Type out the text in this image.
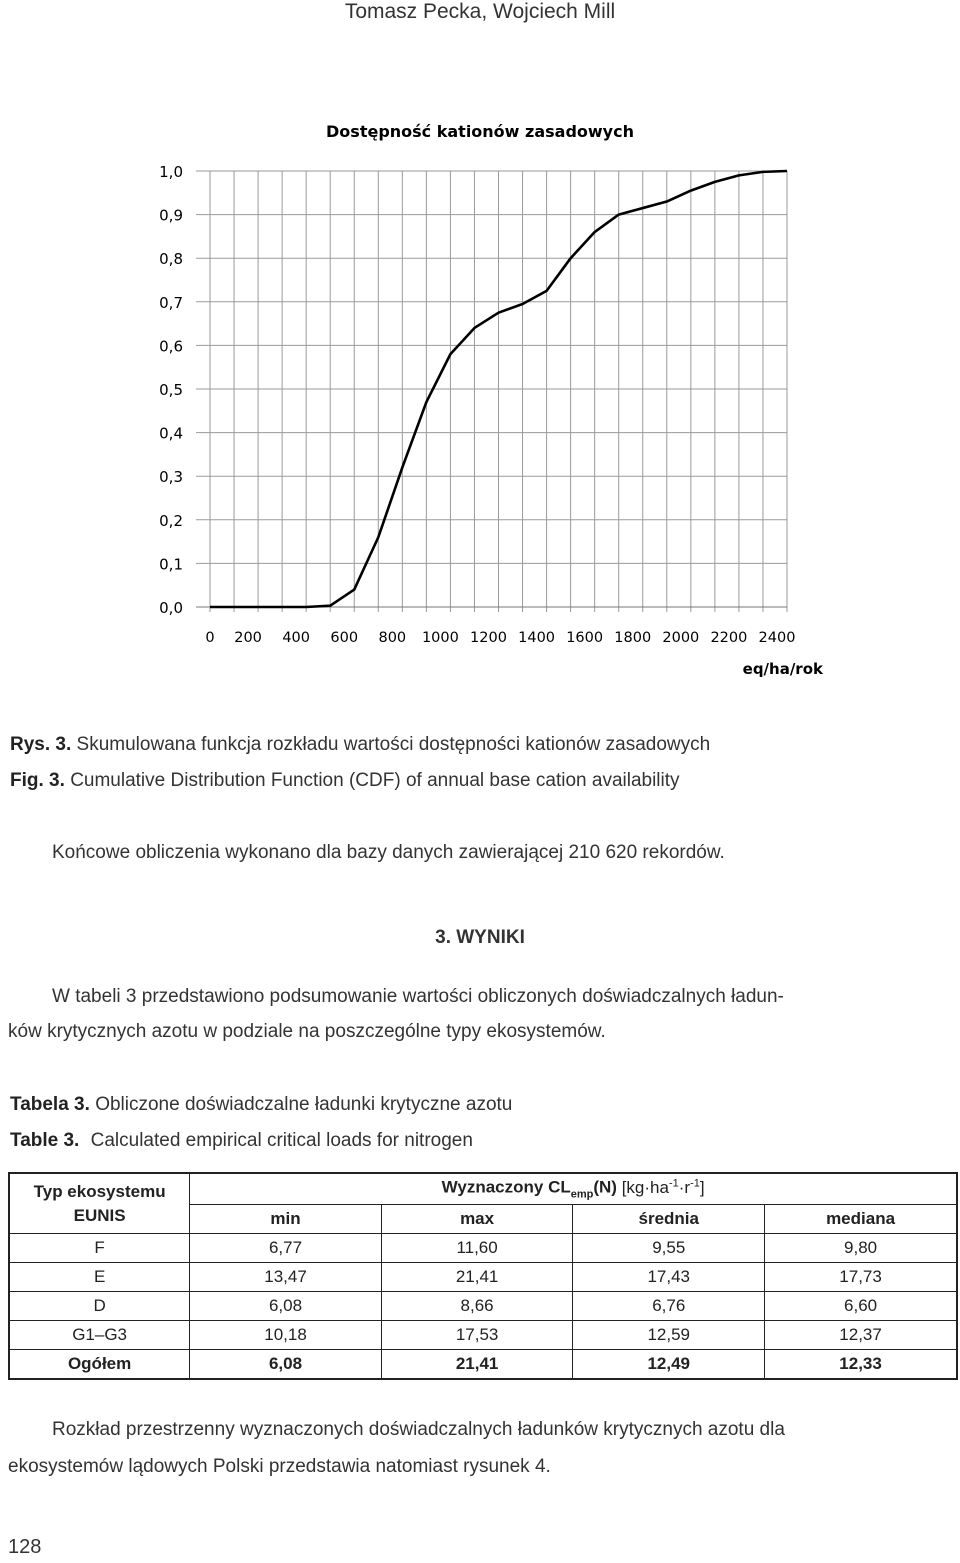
Tomasz Pecka, Wojciech Mill
Dostępność kationów zasadowych
0,0
0,1
0,2
0,3
0,4
0,5
0,6
0,7
0,8
0,9
1,0
0 200 400 600 800 1000 1200 1400 1600 1800 2000 2200 2400
eq/ha/rok
Rys. 3. Skumulowana funkcja rozkładu wartości dostępności kationów zasadowych
Fig. 3. Cumulative Distribution Function (CDF) of annual base cation availability
Końcowe obliczenia wykonano dla bazy danych zawierającej 210 620 rekordów.
3. WYNIKI
W tabeli 3 przedstawiono podsumowanie wartości obliczonych doświadczalnych ładun-
ków krytycznych azotu w podziale na poszczególne typy ekosystemów.
Tabela 3. Obliczone doświadczalne ładunki krytyczne azotu
Table 3. Calculated empirical critical loads for nitrogen
Typ ekosystemu
EUNIS	Wyznaczony $CL_{emp}(N)$ $[kg\cdot ha^{-1}\cdot r^{-1}]$			
	min	max	średnia	mediana
F	6,77	11,60	9,55	9,80
E	13,47	21,41	17,43	17,73
D	6,08	8,66	6,76	6,60
G1–G3	10,18	17,53	12,59	12,37
Ogółem	6,08	21,41	12,49	12,33
Rozkład przestrzenny wyznaczonych doświadczalnych ładunków krytycznych azotu dla
ekosystemów lądowych Polski przedstawia natomiast rysunek 4.
128
